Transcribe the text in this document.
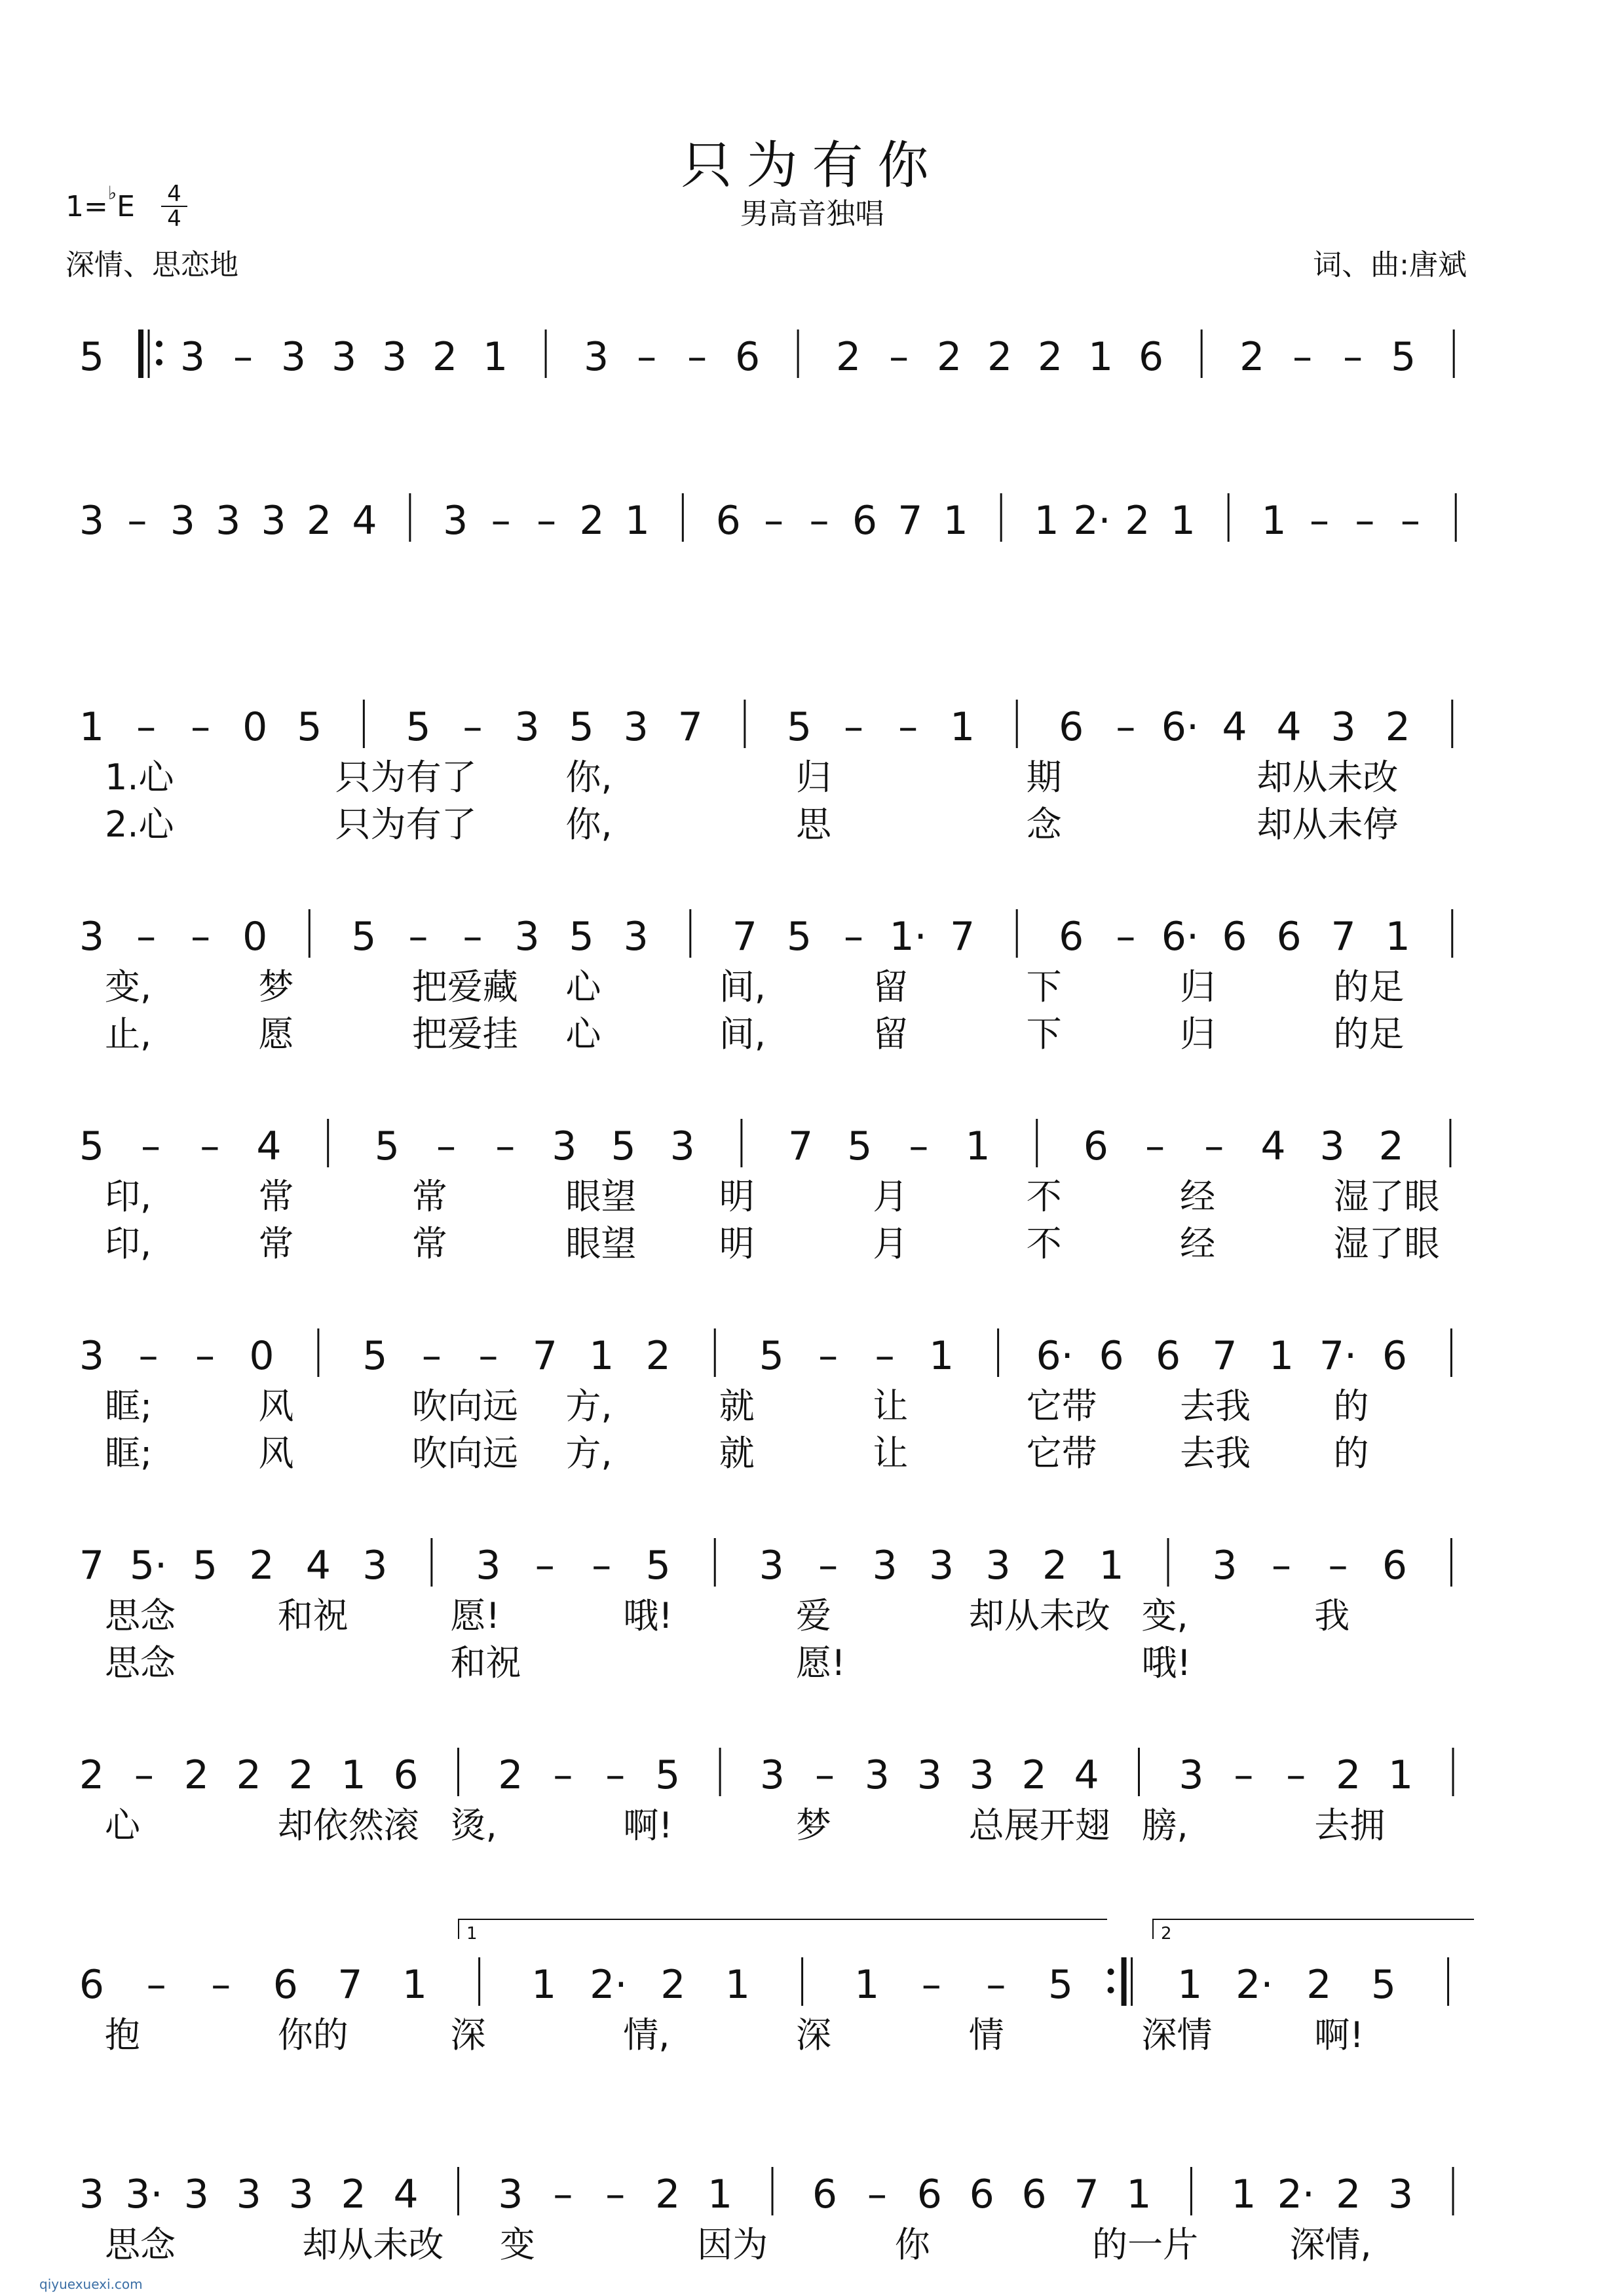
只为有你
男高音独唱
1=♭E 4
4
深情、思恋地	词、曲:唐斌
5 3 – 3 3 3 2 1 3 – – 6 2 – 2 2 2 1 6 2 – – 5
3 – 3 3 3 2 4 3 – – 2 1 6 – – 6 7 1 1 2· 2 1 1 – – –
1 – – 0 5 5 – 3 5 3 7 5 – – 1 6 – 6· 4 4 3 2
1.心	只为有了	你,	归	期	却从未改
2.心	只为有了	你,	思	念	却从未停
3 – – 0 5 – – 3 5 3 7 5 – 1· 7 6 – 6· 6 6 7 1
变,	梦	把爱藏 心	间,	留	下	归	的足
止,	愿	把爱挂 心	间,	留	下	归	的足
5 – – 4 5 – – 3 5 3 7 5 – 1 6 – – 4 3 2
印,	常	常	眼望 明	月	不	经	湿了眼
印,	常	常	眼望 明	月	不	经	湿了眼
3 – – 0 5 – – 7 1 2 5 – – 1 6· 6 6 7 1 7· 6
眶;	风	吹向远 方,	就	让	它带 去我 的
眶;	风	吹向远 方,	就	让	它带 去我 的
7 5· 5 2 4 3 3 – – 5 3 – 3 3 3 2 1 3 – – 6
思念	和祝	愿!	哦!	爱	却从未改 变,	我
思念	和祝	愿!	哦!
2 – 2 2 2 1 6 2 – – 5 3 – 3 3 3 2 4 3 – – 2 1
心	却依然滚 烫,	啊!	梦	总展开翅 膀,	去拥
6 – – 6 7 1	1 2· 2 1	1 – – 5	1 2· 2 5
抱	你的	深	情,	深	情	深情	啊!
1	2
3 3· 3 3 3 2 4 3 – – 2 1 6 – 6 6 6 7 1 1 2· 2 3
思念	却从未改 变	因为	你	的一片	深情,
qiyuexuexi.com
